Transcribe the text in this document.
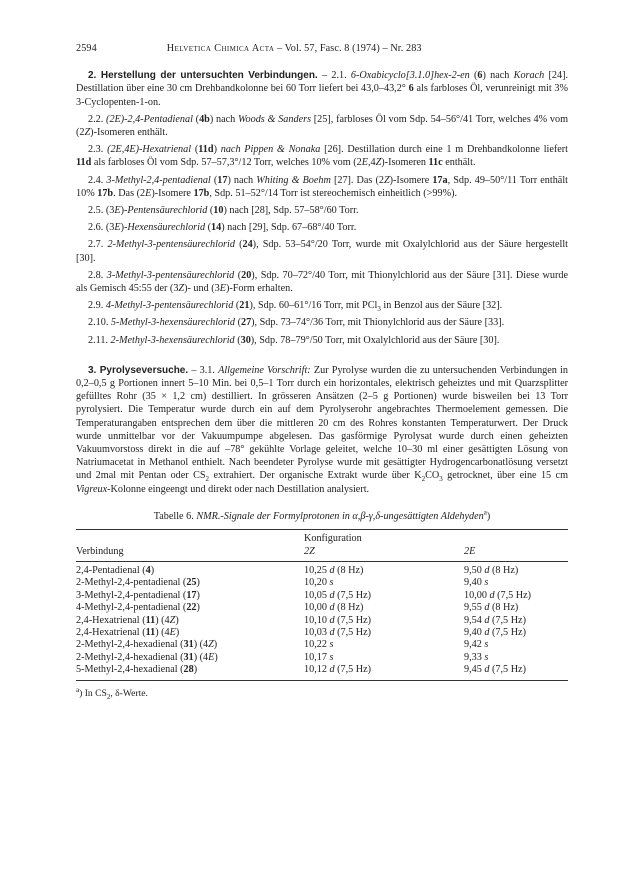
2594	Helvetica Chimica Acta – Vol. 57, Fasc. 8 (1974) – Nr. 283

2. Herstellung der untersuchten Verbindungen. – 2.1. 6-Oxabicyclo[3.1.0]hex-2-en (6) nach Korach [24]. Destillation über eine 30 cm Drehbandkolonne bei 60 Torr liefert bei 43,0–43,2° 6 als farbloses Öl, verunreinigt mit 3% 3-Cyclopenten-1-on.

2.2. (2E)-2,4-Pentadienal (4b) nach Woods & Sanders [25], farbloses Öl vom Sdp. 54–56°/41 Torr, welches 4% vom (2Z)-Isomeren enthält.

2.3. (2E,4E)-Hexatrienal (11d) nach Pippen & Nonaka [26]. Destillation durch eine 1 m Drehbandkolonne liefert 11d als farbloses Öl vom Sdp. 57–57,3°/12 Torr, welches 10% vom (2E,4Z)-Isomeren 11c enthält.

2.4. 3-Methyl-2,4-pentadienal (17) nach Whiting & Boehm [27]. Das (2Z)-Isomere 17a, Sdp. 49–50°/11 Torr enthält 10% 17b. Das (2E)-Isomere 17b, Sdp. 51–52°/14 Torr ist stereochemisch einheitlich (>99%).

2.5. (3E)-Pentensäurechlorid (10) nach [28], Sdp. 57–58°/60 Torr.

2.6. (3E)-Hexensäurechlorid (14) nach [29], Sdp. 67–68°/40 Torr.

2.7. 2-Methyl-3-pentensäurechlorid (24), Sdp. 53–54°/20 Torr, wurde mit Oxalylchlorid aus der Säure hergestellt [30].

2.8. 3-Methyl-3-pentensäurechlorid (20), Sdp. 70–72°/40 Torr, mit Thionylchlorid aus der Säure [31]. Diese wurde als Gemisch 45:55 der (3Z)- und (3E)-Form erhalten.

2.9. 4-Methyl-3-pentensäurechlorid (21), Sdp. 60–61°/16 Torr, mit PCl$_3$ in Benzol aus der Säure [32].

2.10. 5-Methyl-3-hexensäurechlorid (27), Sdp. 73–74°/36 Torr, mit Thionylchlorid aus der Säure [33].

2.11. 2-Methyl-3-hexensäurechlorid (30), Sdp. 78–79°/50 Torr, mit Oxalylchlorid aus der Säure [30].

3. Pyrolyseversuche. – 3.1. Allgemeine Vorschrift: Zur Pyrolyse wurden die zu untersuchenden Verbindungen in 0,2–0,5 g Portionen innert 5–10 Min. bei 0,5–1 Torr durch ein horizontales, elektrisch geheiztes und mit Quarzsplitter gefülltes Rohr (35 × 1,2 cm) destilliert. In grösseren Ansätzen (2–5 g Portionen) wurde bisweilen bei 13 Torr pyrolysiert. Die Temperatur wurde durch ein auf dem Pyrolyserohr angebrachtes Thermoelement gemessen. Die Temperaturangaben entsprechen dem über die mittleren 20 cm des Rohres konstanten Temperaturwert. Der Druck wurde unmittelbar vor der Vakuumpumpe abgelesen. Das gasförmige Pyrolysat wurde durch einen geheizten Vakuumvorstoss direkt in die auf –78° gekühlte Vorlage geleitet, welche 10–30 ml einer gesättigten Lösung von Natriumacetat in Methanol enthielt. Nach beendeter Pyrolyse wurde mit gesättigter Hydrogencarbonatlösung versetzt und 2mal mit Pentan oder $CS_2$ extrahiert. Der organische Extrakt wurde über $K_2CO_3$ getrocknet, über eine 15 cm Vigreux-Kolonne eingeengt und direkt oder nach Destillation analysiert.

Tabelle 6. NMR.-Signale der Formylprotonen in α,β-γ,δ-ungesättigten Aldehyden$^a$)
	Konfiguration	
Verbindung	2Z	2E
2,4-Pentadienal (4)	10,25 d (8 Hz)	9,50 d (8 Hz)
2-Methyl-2,4-pentadienal (25)	10,20 s	9,40 s
3-Methyl-2,4-pentadienal (17)	10,05 d (7,5 Hz)	10,00 d (7,5 Hz)
4-Methyl-2,4-pentadienal (22)	10,00 d (8 Hz)	9,55 d (8 Hz)
2,4-Hexatrienal (11) (4Z)	10,10 d (7,5 Hz)	9,54 d (7,5 Hz)
2,4-Hexatrienal (11) (4E)	10,03 d (7,5 Hz)	9,40 d (7,5 Hz)
2-Methyl-2,4-hexadienal (31) (4Z)	10,22 s	9,42 s
2-Methyl-2,4-hexadienal (31) (4E)	10,17 s	9,33 s
5-Methyl-2,4-hexadienal (28)	10,12 d (7,5 Hz)	9,45 d (7,5 Hz)
$^a$) In $CS_2$, δ-Werte.
